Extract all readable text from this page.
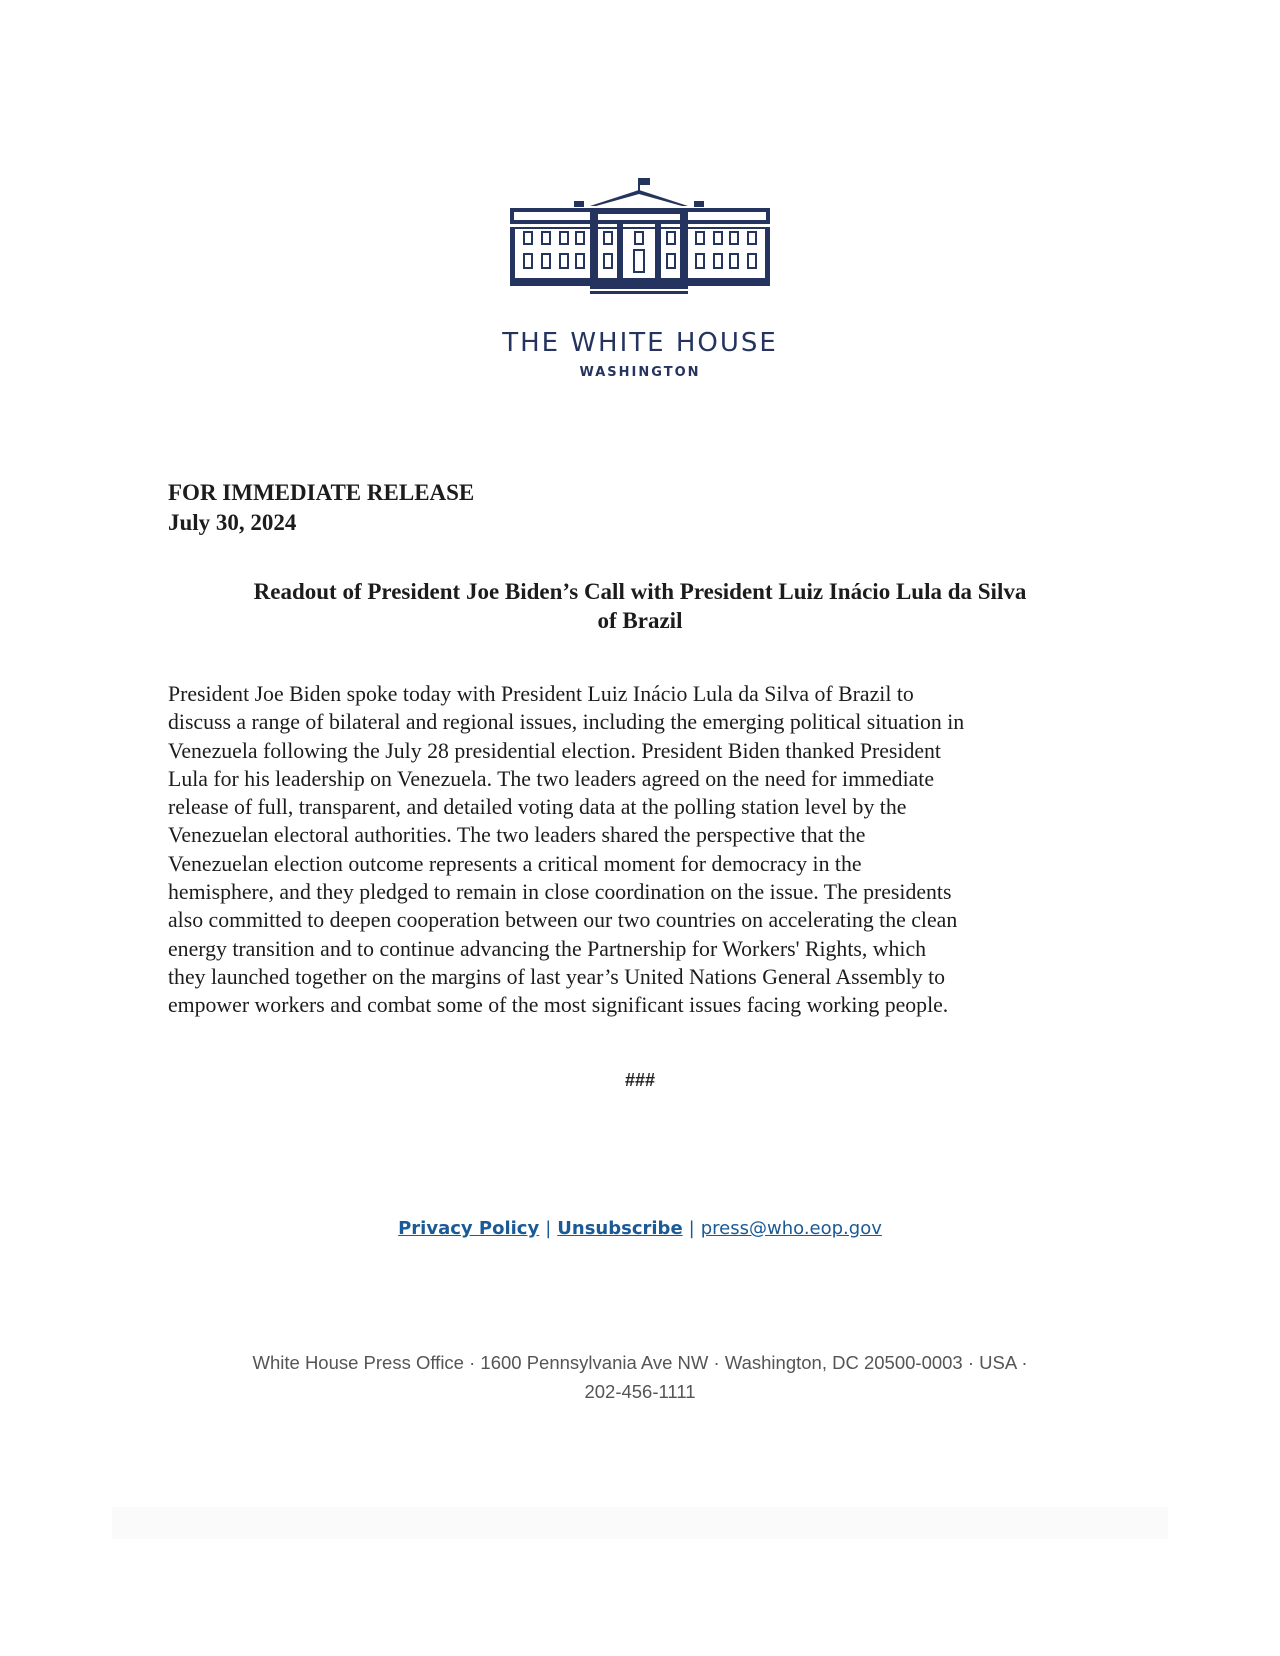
THE WHITE HOUSE
WASHINGTON
FOR IMMEDIATE RELEASE
July 30, 2024
Readout of President Joe Biden’s Call with President Luiz Inácio Lula da Silva
of Brazil
President Joe Biden spoke today with President Luiz Inácio Lula da Silva of Brazil to
discuss a range of bilateral and regional issues, including the emerging political situation in
Venezuela following the July 28 presidential election. President Biden thanked President
Lula for his leadership on Venezuela. The two leaders agreed on the need for immediate
release of full, transparent, and detailed voting data at the polling station level by the
Venezuelan electoral authorities. The two leaders shared the perspective that the
Venezuelan election outcome represents a critical moment for democracy in the
hemisphere, and they pledged to remain in close coordination on the issue. The presidents
also committed to deepen cooperation between our two countries on accelerating the clean
energy transition and to continue advancing the Partnership for Workers' Rights, which
they launched together on the margins of last year’s United Nations General Assembly to
empower workers and combat some of the most significant issues facing working people.
###
Privacy Policy | Unsubscribe | press@who.eop.gov
White House Press Office · 1600 Pennsylvania Ave NW · Washington, DC 20500-0003 · USA ·
202-456-1111
